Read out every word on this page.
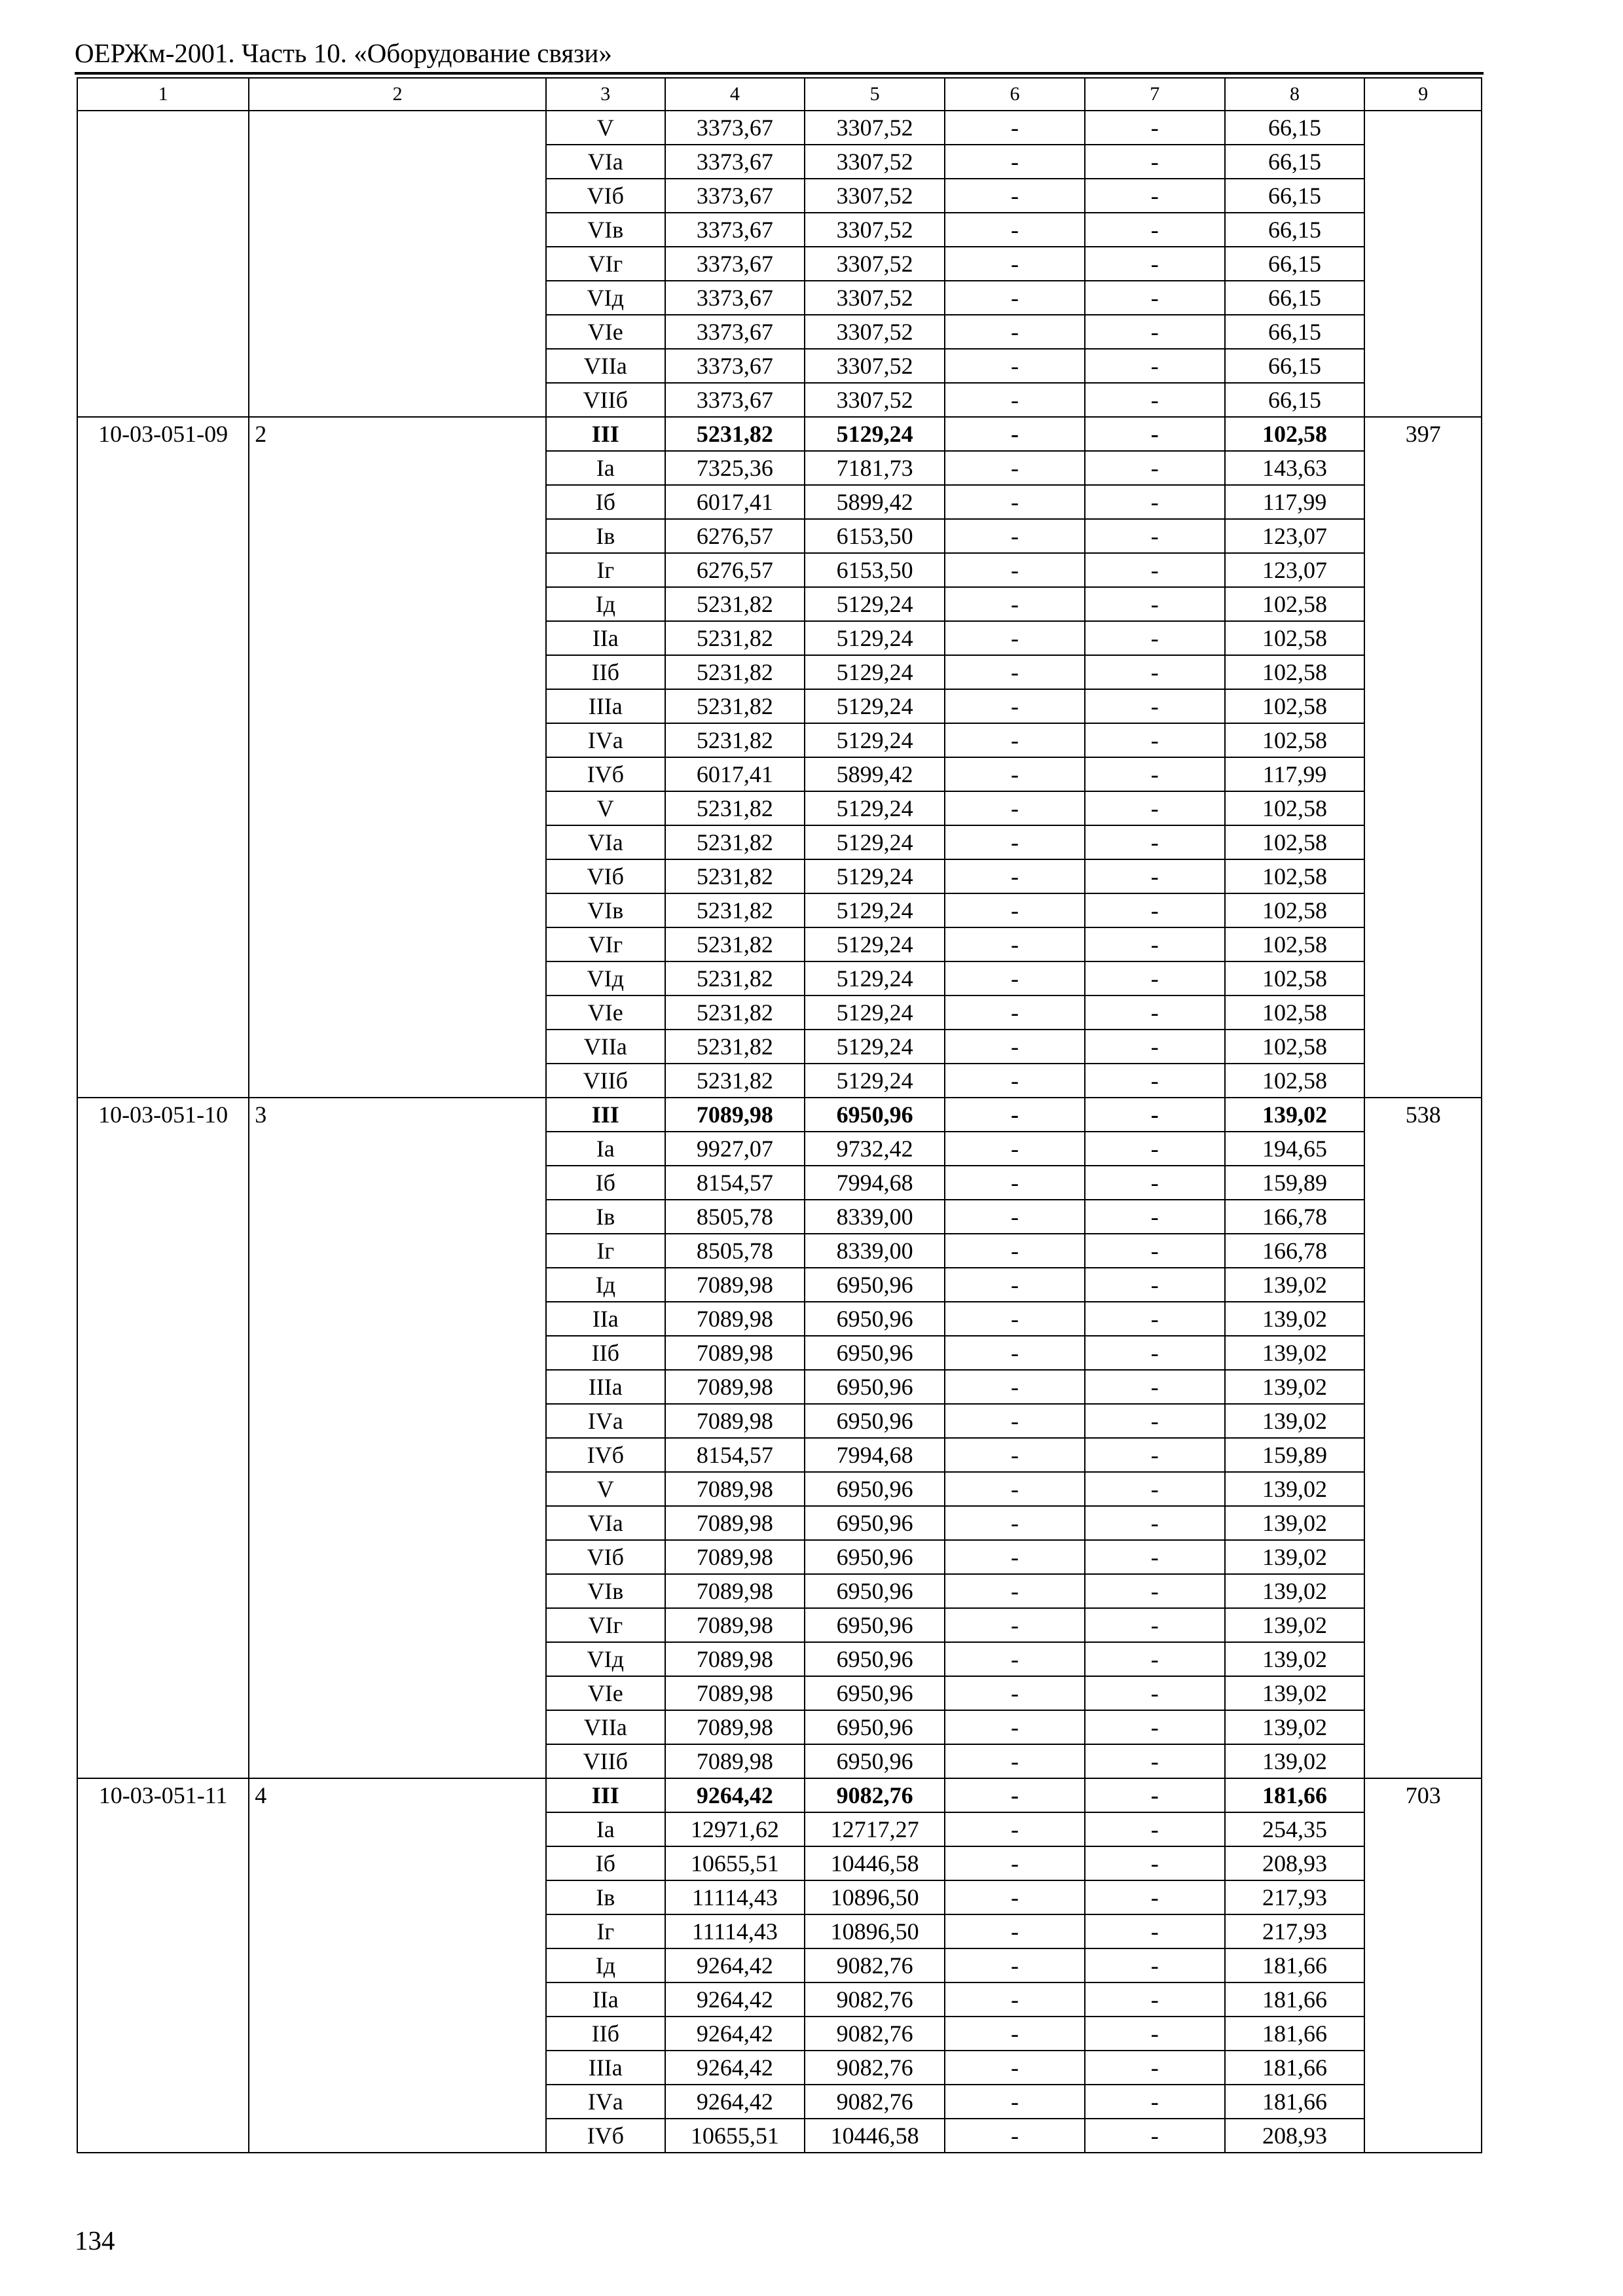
ОЕРЖм-2001. Часть 10. «Оборудование связи»
1	2	3	4	5	6	7	8	9
		V	3373,67	3307,52	-	-	66,15	
		VIа	3373,67	3307,52	-	-	66,15	
		VIб	3373,67	3307,52	-	-	66,15	
		VIв	3373,67	3307,52	-	-	66,15	
		VIг	3373,67	3307,52	-	-	66,15	
		VIд	3373,67	3307,52	-	-	66,15	
		VIе	3373,67	3307,52	-	-	66,15	
		VIIа	3373,67	3307,52	-	-	66,15	
		VIIб	3373,67	3307,52	-	-	66,15	
10-03-051-09	2	III	5231,82	5129,24	-	-	102,58	397
		Iа	7325,36	7181,73	-	-	143,63	
		Iб	6017,41	5899,42	-	-	117,99	
		Iв	6276,57	6153,50	-	-	123,07	
		Iг	6276,57	6153,50	-	-	123,07	
		Iд	5231,82	5129,24	-	-	102,58	
		IIа	5231,82	5129,24	-	-	102,58	
		IIб	5231,82	5129,24	-	-	102,58	
		IIIа	5231,82	5129,24	-	-	102,58	
		IVа	5231,82	5129,24	-	-	102,58	
		IVб	6017,41	5899,42	-	-	117,99	
		V	5231,82	5129,24	-	-	102,58	
		VIа	5231,82	5129,24	-	-	102,58	
		VIб	5231,82	5129,24	-	-	102,58	
		VIв	5231,82	5129,24	-	-	102,58	
		VIг	5231,82	5129,24	-	-	102,58	
		VIд	5231,82	5129,24	-	-	102,58	
		VIе	5231,82	5129,24	-	-	102,58	
		VIIа	5231,82	5129,24	-	-	102,58	
		VIIб	5231,82	5129,24	-	-	102,58	
10-03-051-10	3	III	7089,98	6950,96	-	-	139,02	538
		Iа	9927,07	9732,42	-	-	194,65	
		Iб	8154,57	7994,68	-	-	159,89	
		Iв	8505,78	8339,00	-	-	166,78	
		Iг	8505,78	8339,00	-	-	166,78	
		Iд	7089,98	6950,96	-	-	139,02	
		IIа	7089,98	6950,96	-	-	139,02	
		IIб	7089,98	6950,96	-	-	139,02	
		IIIа	7089,98	6950,96	-	-	139,02	
		IVа	7089,98	6950,96	-	-	139,02	
		IVб	8154,57	7994,68	-	-	159,89	
		V	7089,98	6950,96	-	-	139,02	
		VIа	7089,98	6950,96	-	-	139,02	
		VIб	7089,98	6950,96	-	-	139,02	
		VIв	7089,98	6950,96	-	-	139,02	
		VIг	7089,98	6950,96	-	-	139,02	
		VIд	7089,98	6950,96	-	-	139,02	
		VIе	7089,98	6950,96	-	-	139,02	
		VIIа	7089,98	6950,96	-	-	139,02	
		VIIб	7089,98	6950,96	-	-	139,02	
10-03-051-11	4	III	9264,42	9082,76	-	-	181,66	703
		Iа	12971,62	12717,27	-	-	254,35	
		Iб	10655,51	10446,58	-	-	208,93	
		Iв	11114,43	10896,50	-	-	217,93	
		Iг	11114,43	10896,50	-	-	217,93	
		Iд	9264,42	9082,76	-	-	181,66	
		IIа	9264,42	9082,76	-	-	181,66	
		IIб	9264,42	9082,76	-	-	181,66	
		IIIа	9264,42	9082,76	-	-	181,66	
		IVа	9264,42	9082,76	-	-	181,66	
		IVб	10655,51	10446,58	-	-	208,93	
134
